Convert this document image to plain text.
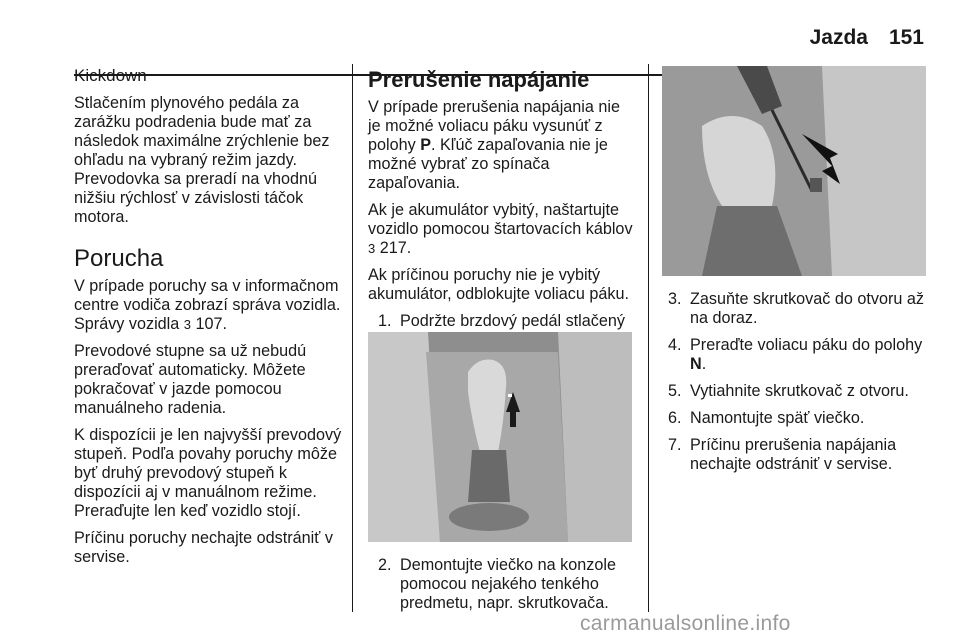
Jazda 151
Kickdown

Stlačením plynového pedála za zarážku podradenia bude mať za následok maximálne zrýchlenie bez ohľadu na vybraný režim jazdy. Prevodovka sa preradí na vhodnú nižšiu rýchlosť v závislosti táčok motora.

Porucha

V prípade poruchy sa v informačnom centre vodiča zobrazí správa vozidla. Správy vozidla 3 107.

Prevodové stupne sa už nebudú preraďovať automaticky. Môžete pokračovať v jazde pomocou manuálneho radenia.

K dispozícii je len najvyšší prevodový stupeň. Podľa povahy poruchy môže byť druhý prevodový stupeň k dispozícii aj v manuálnom režime. Preraďujte len keď vozidlo stojí.

Príčinu poruchy nechajte odstrániť v servise.

Prerušenie napájanie

V prípade prerušenia napájania nie je možné voliacu páku vysunúť z polohy P. Kľúč zapaľovania nie je možné vybrať zo spínača zapaľovania.

Ak je akumulátor vybitý, naštartujte vozidlo pomocou štartovacích káblov 3 217.

Ak príčinou poruchy nie je vybitý akumulátor, odblokujte voliacu páku.

1. Podržte brzdový pedál stlačený
2. Demontujte viečko na konzole pomocou nejakého tenkého predmetu, napr. skrutkovača.
3. Zasuňte skrutkovač do otvoru až na doraz.
4. Preraďte voliacu páku do polohy N.
5. Vytiahnite skrutkovač z otvoru.
6. Namontujte späť viečko.
7. Príčinu prerušenia napájania nechajte odstrániť v servise.
carmanualsonline.info
